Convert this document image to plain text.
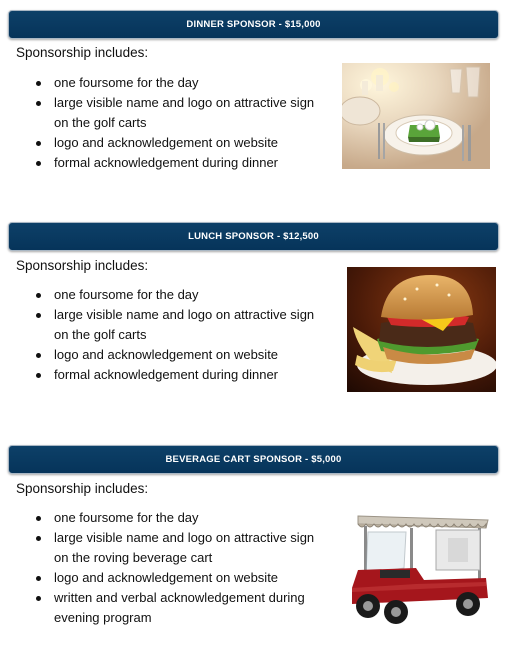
DINNER SPONSOR - $15,000
Sponsorship includes:
one foursome for the day
large visible name and logo on attractive sign on the golf carts
logo and acknowledgement on website
formal acknowledgement during dinner
LUNCH SPONSOR - $12,500
Sponsorship includes:
one foursome for the day
large visible name and logo on attractive sign on the golf carts
logo and acknowledgement on website
formal acknowledgement during dinner
BEVERAGE CART SPONSOR - $5,000
Sponsorship includes:
one foursome for the day
large visible name and logo on attractive sign on the roving beverage cart
logo and acknowledgement on website
written and verbal acknowledgement during evening program
